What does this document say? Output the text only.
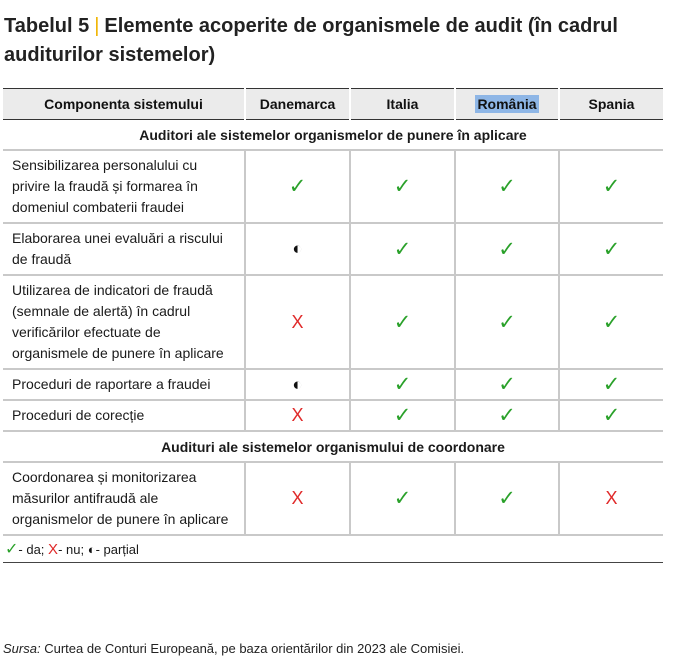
Tabelul 5 | Elemente acoperite de organismele de audit (în cadrul auditurilor sistemelor)
Componenta sistemului	Danemarca	Italia	România	Spania
Auditori ale sistemelor organismelor de punere în aplicare				
Sensibilizarea personalului cu privire la fraudă și formarea în domeniul combaterii fraudei	✓	✓	✓	✓
Elaborarea unei evaluări a riscului de fraudă	◐	✓	✓	✓
Utilizarea de indicatori de fraudă (semnale de alertă) în cadrul verificărilor efectuate de organismele de punere în aplicare	X	✓	✓	✓
Proceduri de raportare a fraudei	◐	✓	✓	✓
Proceduri de corecție	X	✓	✓	✓
Audituri ale sistemelor organismului de coordonare				
Coordonarea și monitorizarea măsurilor antifraudă ale organismelor de punere în aplicare	X	✓	✓	X
✓- da; X- nu; ◐- parțial				
Sursa: Curtea de Conturi Europeană, pe baza orientărilor din 2023 ale Comisiei.
